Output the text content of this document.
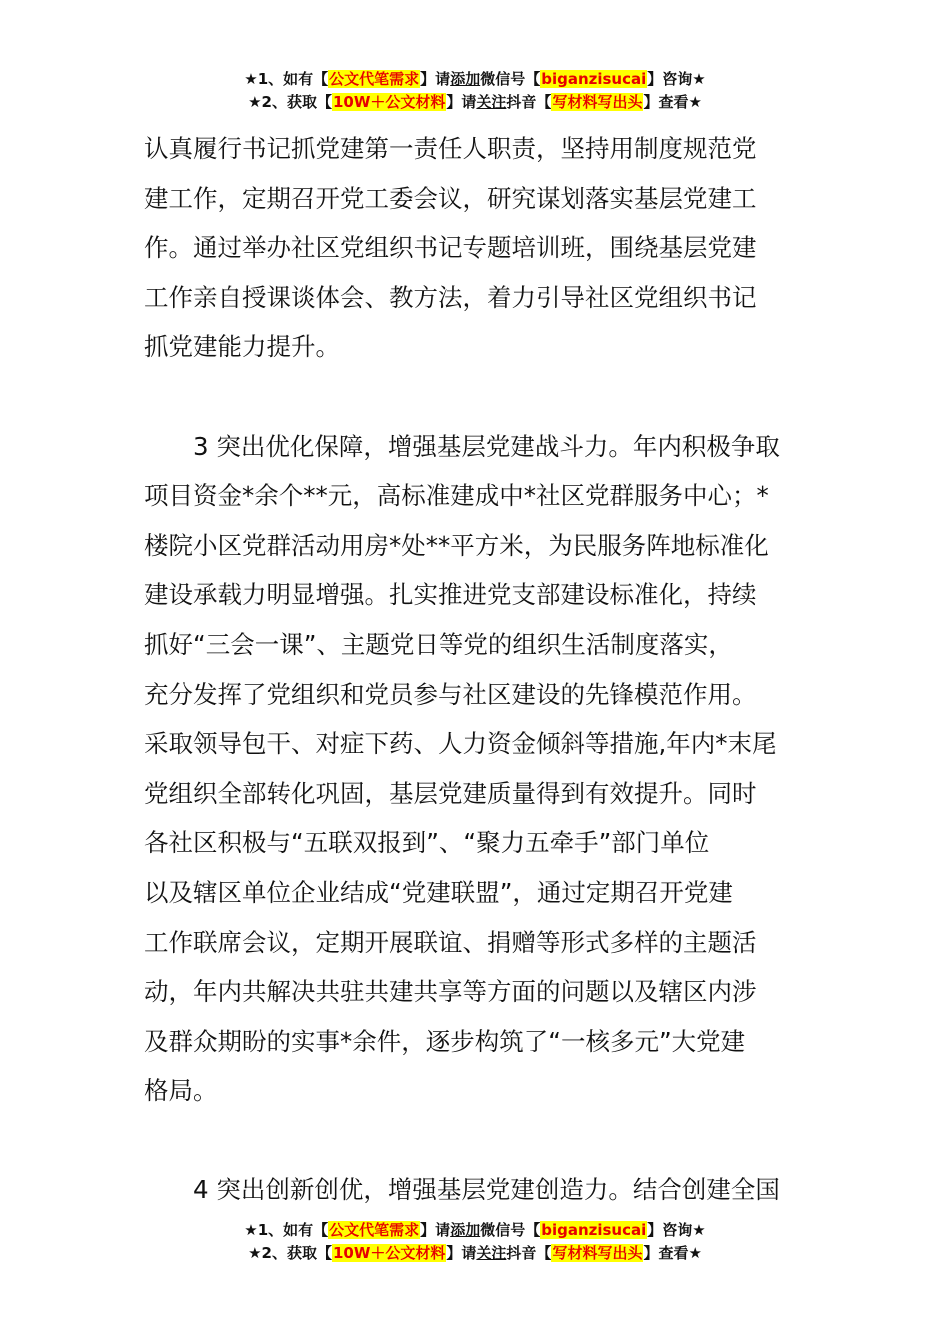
★1、如有【公文代笔需求】请添加微信号【biganzisucai】咨询★
★2、获取【10W＋公文材料】请关注抖音【写材料写出头】查看★
认真履行书记抓党建第一责任人职责，坚持用制度规范党
建工作，定期召开党工委会议，研究谋划落实基层党建工
作。通过举办社区党组织书记专题培训班，围绕基层党建
工作亲自授课谈体会、教方法，着力引导社区党组织书记
抓党建能力提升。
3 突出优化保障，增强基层党建战斗力。年内积极争取
项目资金*余个**元，高标准建成中*社区党群服务中心；*
楼院小区党群活动用房*处**平方米，为民服务阵地标准化
建设承载力明显增强。扎实推进党支部建设标准化，持续
抓好“三会一课”、主题党日等党的组织生活制度落实，
充分发挥了党组织和党员参与社区建设的先锋模范作用。
采取领导包干、对症下药、人力资金倾斜等措施,年内*末尾
党组织全部转化巩固，基层党建质量得到有效提升。同时
各社区积极与“五联双报到”、“聚力五牵手”部门单位
以及辖区单位企业结成“党建联盟”，通过定期召开党建
工作联席会议，定期开展联谊、捐赠等形式多样的主题活
动，年内共解决共驻共建共享等方面的问题以及辖区内涉
及群众期盼的实事*余件，逐步构筑了“一核多元”大党建
格局。
4 突出创新创优，增强基层党建创造力。结合创建全国
★1、如有【公文代笔需求】请添加微信号【biganzisucai】咨询★
★2、获取【10W＋公文材料】请关注抖音【写材料写出头】查看★
